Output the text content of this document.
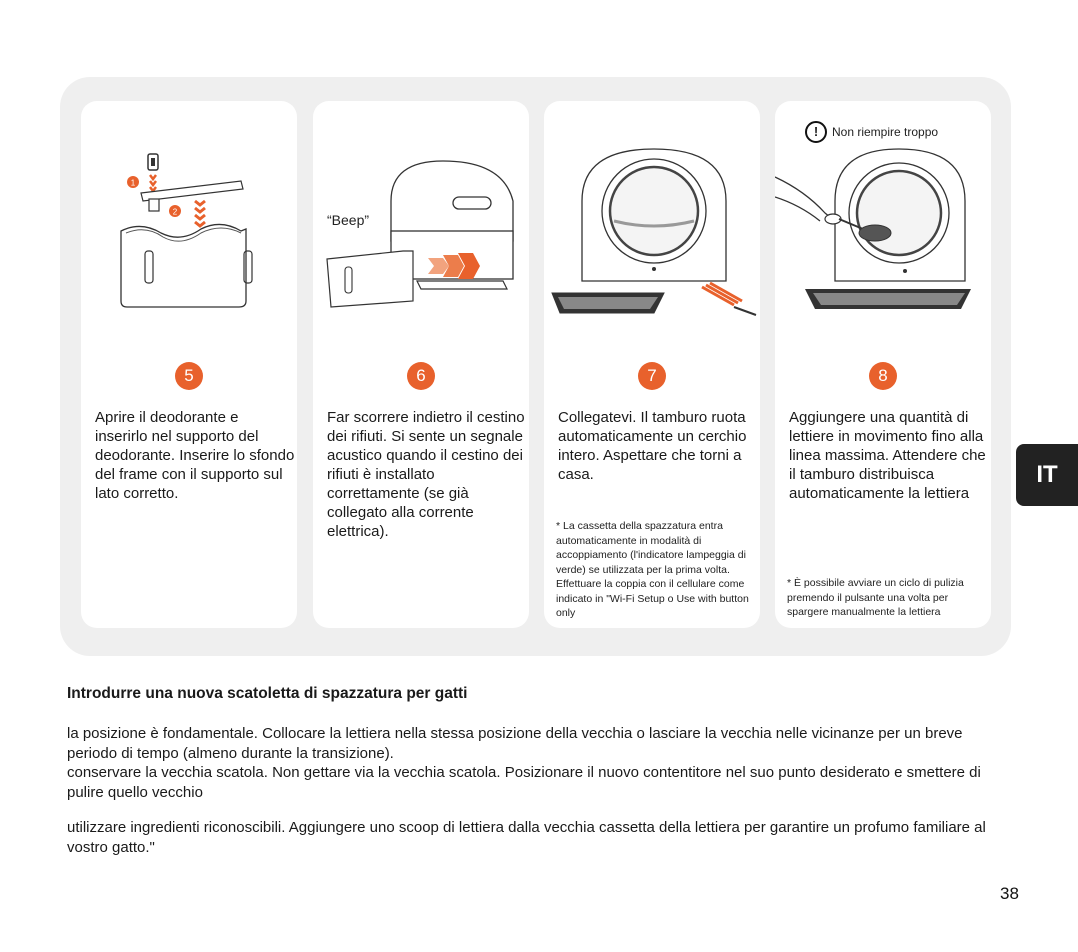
1
2
5

Aprire il deodorante e inserirlo nel supporto del deodorante. Inserire lo sfondo del frame con il supporto sul lato corretto.

“Beep”
6

Far scorrere indietro il cestino dei rifiuti. Si sente un segnale acustico quando il cestino dei rifiuti è installato correttamente (se già collegato alla corrente elettrica).

7

Collegatevi. Il tamburo ruota automaticamente un cerchio intero. Aspettare che torni a casa.

* La cassetta della spazzatura entra automaticamente in modalità di accoppiamento (l'indicatore lampeggia di verde) se utilizzata per la prima volta. Effettuare la coppia con il cellulare come indicato in "Wi-Fi Setup o Use with button only

!	Non riempire troppo
8

Aggiungere una quantità di lettiere in movimento fino alla linea massima. Attendere che il tamburo distribuisca automaticamente la lettiera

* È possibile avviare un ciclo di pulizia premendo il pulsante una volta per spargere manualmente la lettiera

IT
Introdurre una nuova scatoletta di spazzatura per gatti

la posizione è fondamentale. Collocare la lettiera nella stessa posizione della vecchia o lasciare la vecchia nelle vicinanze per un breve periodo di tempo (almeno durante la transizione).

conservare la vecchia scatola. Non gettare via la vecchia scatola. Posizionare il nuovo contentitore nel suo punto desiderato e smettere di pulire quello vecchio

utilizzare ingredienti riconoscibili. Aggiungere uno scoop di lettiera dalla vecchia cassetta della lettiera per garantire un profumo familiare al vostro gatto."

38
